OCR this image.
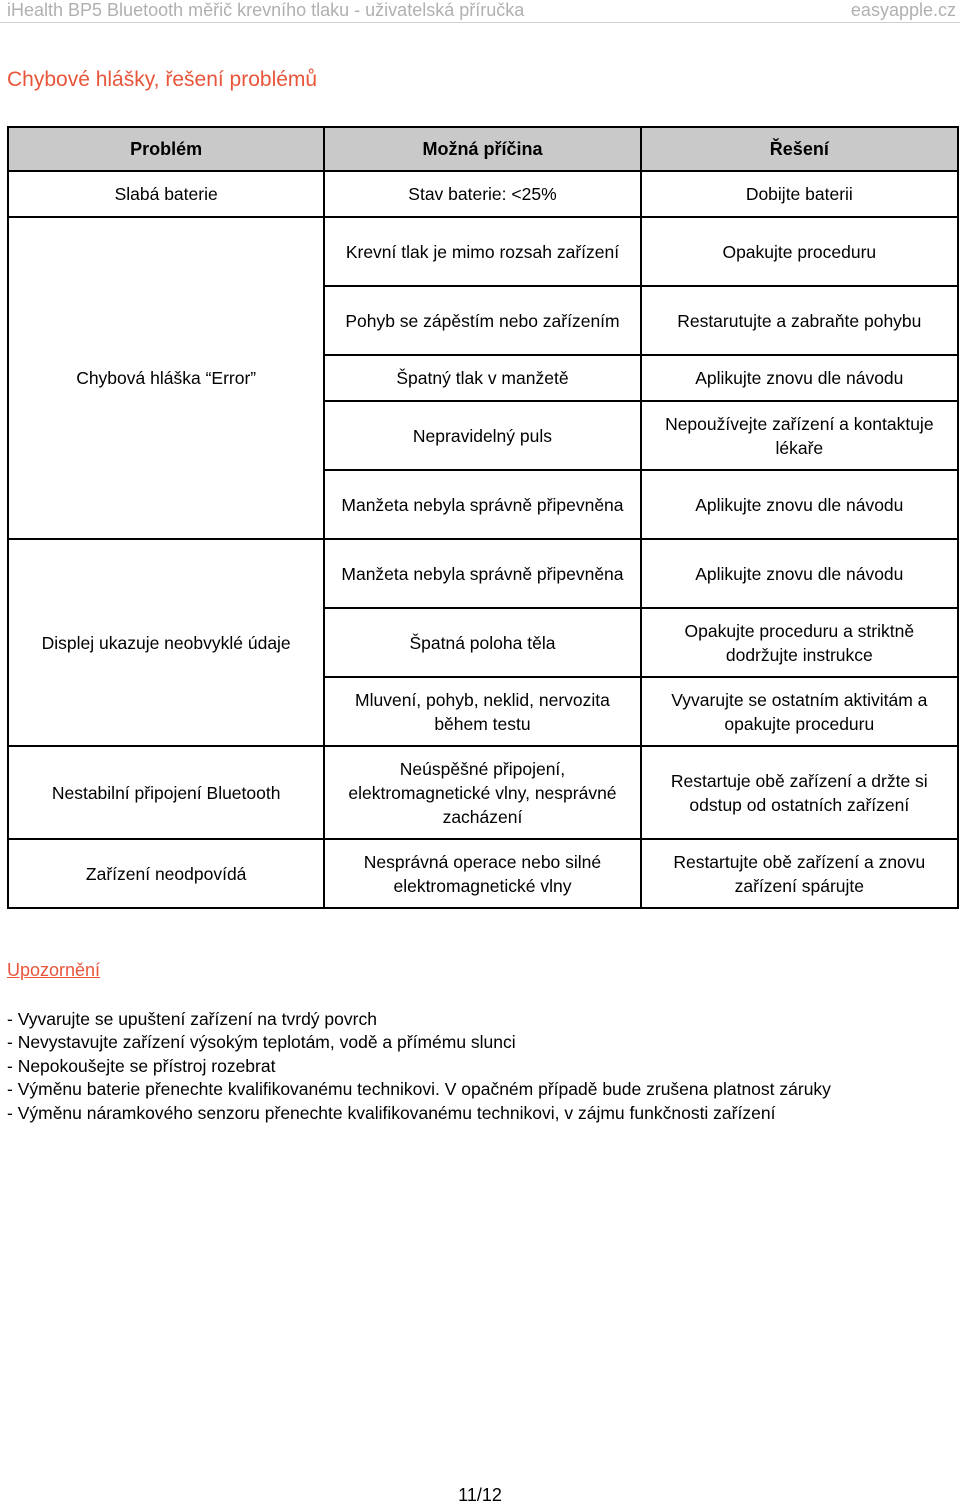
iHealth BP5 Bluetooth měřič krevního tlaku - uživatelská příručka	easyapple.cz
Chybové hlášky, řešení problémů
Problém	Možná příčina	Řešení
Slabá baterie	Stav baterie: <25%	Dobijte baterii
Chybová hláška “Error”	Krevní tlak je mimo rozsah zařízení	Opakujte proceduru
	Pohyb se zápěstím nebo zařízením	Restarutujte a zabraňte pohybu
	Špatný tlak v manžetě	Aplikujte znovu dle návodu
	Nepravidelný puls	Nepoužívejte zařízení a kontaktuje lékaře
	Manžeta nebyla správně připevněna	Aplikujte znovu dle návodu
Displej ukazuje neobvyklé údaje	Manžeta nebyla správně připevněna	Aplikujte znovu dle návodu
	Špatná poloha těla	Opakujte proceduru a striktně dodržujte instrukce
	Mluvení, pohyb, neklid, nervozita během testu	Vyvarujte se ostatním aktivitám a opakujte proceduru
Nestabilní připojení Bluetooth	Neúspěšné připojení, elektromagnetické vlny, nesprávné zacházení	Restartuje obě zařízení a držte si odstup od ostatních zařízení
Zařízení neodpovídá	Nesprávná operace nebo silné elektromagnetické vlny	Restartujte obě zařízení a znovu zařízení spárujte
Upozornění
- Vyvarujte se upuštení zařízení na tvrdý povrch
- Nevystavujte zařízení výsokým teplotám, vodě a přímému slunci
- Nepokoušejte se přístroj rozebrat
- Výměnu baterie přenechte kvalifikovanému technikovi. V opačném případě bude zrušena platnost záruky
- Výměnu náramkového senzoru přenechte kvalifikovanému technikovi, v zájmu funkčnosti zařízení
11/12
